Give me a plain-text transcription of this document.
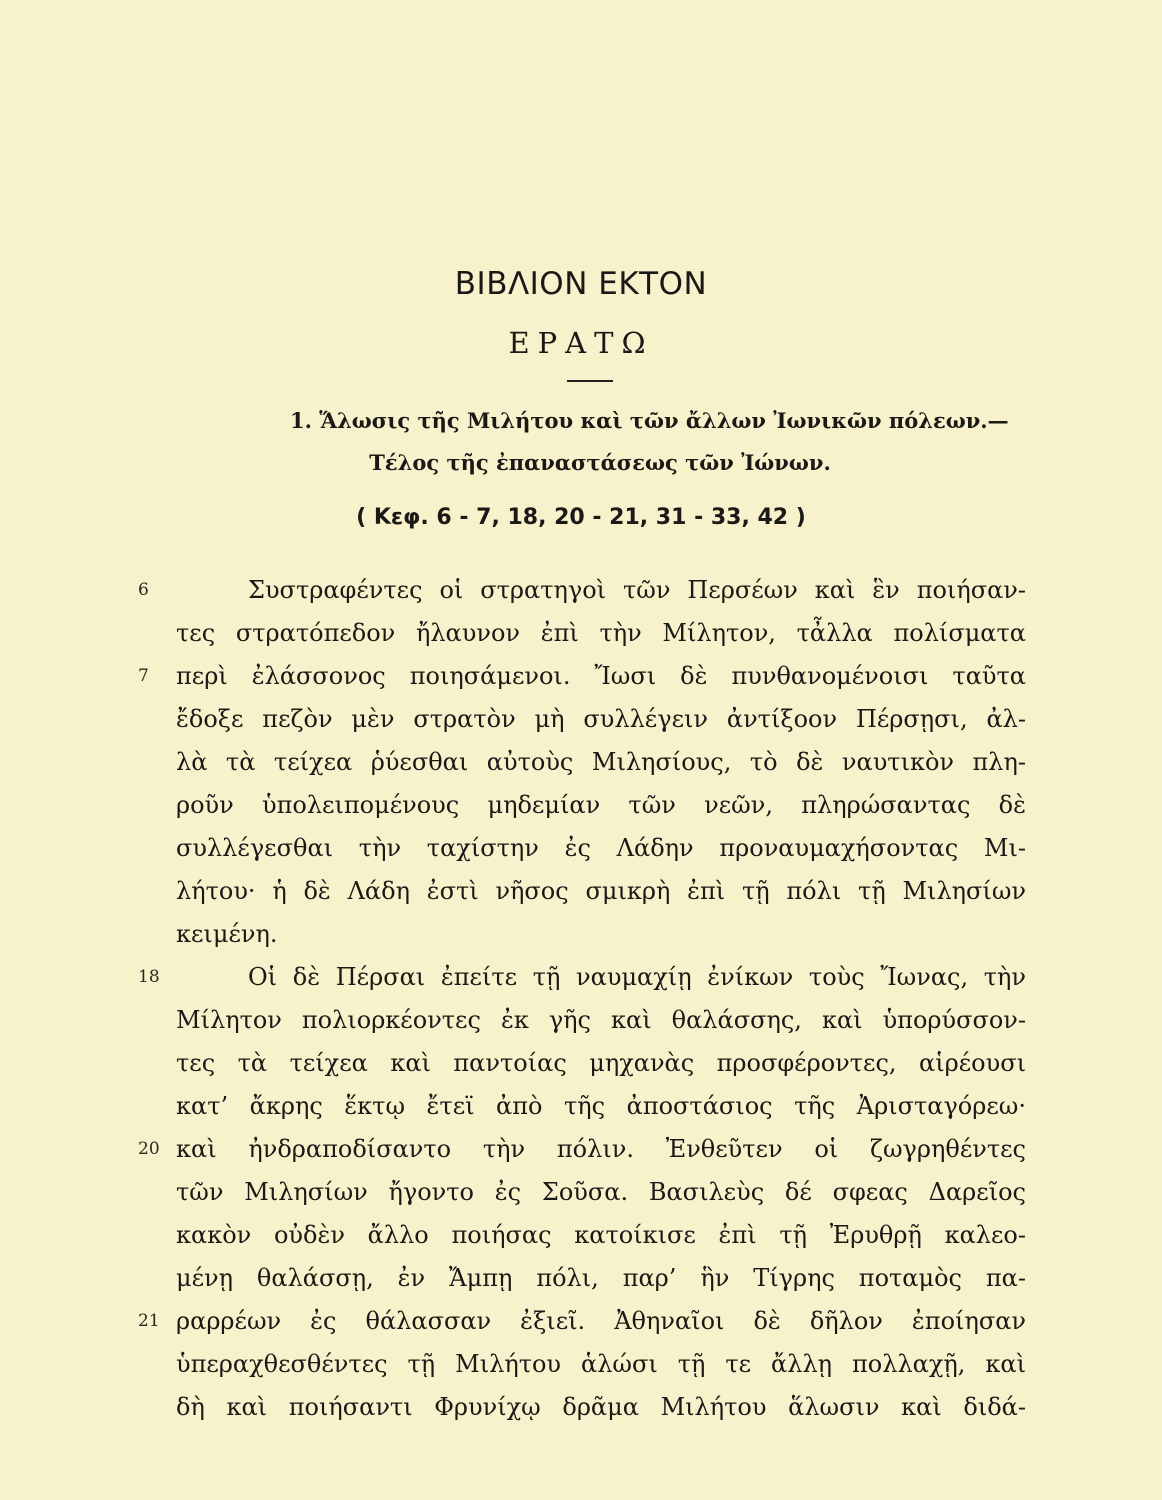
ΒΙΒΛΙΟΝ ΕΚΤΟΝ
ΕΡΑΤΩ
1. Ἅλωσις τῆς Μιλήτου καὶ τῶν ἄλλων Ἰωνικῶν πόλεων.—
Τέλος τῆς ἐπαναστάσεως τῶν Ἰώνων.
( Κεφ. 6 - 7, 18, 20 - 21, 31 - 33, 42 )
6	Συστραφέντες οἱ στρατηγοὶ τῶν Περσέων καὶ ἓν ποιήσαν-
τες στρατόπεδον ἤλαυνον ἐπὶ τὴν Μίλητον, τἆλλα πολίσματα
7	περὶ ἐλάσσονος ποιησάμενοι. Ἴωσι δὲ πυνθανομένοισι ταῦτα
ἔδοξε πεζὸν μὲν στρατὸν μὴ συλλέγειν ἀντίξοον Πέρσῃσι, ἀλ-
λὰ τὰ τείχεα ῥύεσθαι αὐτοὺς Μιλησίους, τὸ δὲ ναυτικὸν πλη-
ροῦν ὑπολειπομένους μηδεμίαν τῶν νεῶν, πληρώσαντας δὲ
συλλέγεσθαι τὴν ταχίστην ἐς Λάδην προναυμαχήσοντας Μι-
λήτου· ἡ δὲ Λάδη ἐστὶ νῆσος σμικρὴ ἐπὶ τῇ πόλι τῇ Μιλησίων
κειμένη.
18	Οἱ δὲ Πέρσαι ἐπείτε τῇ ναυμαχίῃ ἐνίκων τοὺς Ἴωνας, τὴν
Μίλητον πολιορκέοντες ἐκ γῆς καὶ θαλάσσης, καὶ ὑπορύσσον-
τες τὰ τείχεα καὶ παντοίας μηχανὰς προσφέροντες, αἱρέουσι
κατ’ ἄκρης ἕκτῳ ἔτεϊ ἀπὸ τῆς ἀποστάσιος τῆς Ἀρισταγόρεω·
20 καὶ ἠνδραποδίσαντο τὴν πόλιν. Ἐνθεῦτεν οἱ ζωγρηθέντες
τῶν Μιλησίων ἤγοντο ἐς Σοῦσα. Βασιλεὺς δέ σφεας Δαρεῖος
κακὸν οὐδὲν ἄλλο ποιήσας κατοίκισε ἐπὶ τῇ Ἐρυθρῇ καλεο-
μένῃ θαλάσσῃ, ἐν Ἄμπῃ πόλι, παρ’ ἣν Τίγρης ποταμὸς πα-
21 ραρρέων ἐς θάλασσαν ἐξιεῖ. Ἀθηναῖοι δὲ δῆλον ἐποίησαν
ὑπεραχθεσθέντες τῇ Μιλήτου ἁλώσι τῇ τε ἄλλῃ πολλαχῇ, καὶ
δὴ καὶ ποιήσαντι Φρυνίχῳ δρᾶμα Μιλήτου ἅλωσιν καὶ διδά-
